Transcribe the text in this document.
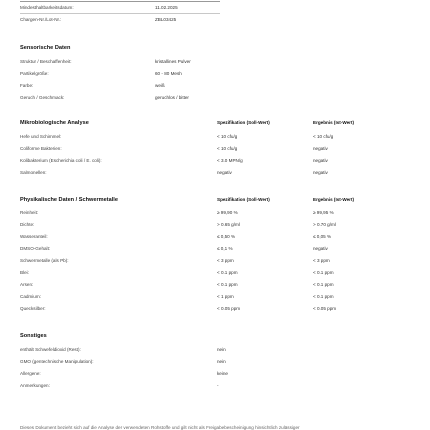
Mindesthaltbarkeitsdatum:	11.02.2025
Chargen-Nr./Lot-Nr.:	ZBL03425
Sensorische Daten
Struktur / Beschaffenheit:	kristallines Pulver
Partikelgröße:	60 - 80 Mesh
Farbe:	weiß
Geruch / Geschmack:	geruchlos / bitter
Mikrobiologische Analyse	Spezifikation (Soll-Wert)	Ergebnis (Ist-Wert)
Hefe und Schimmel:	< 10 cfu/g	< 10 cfu/g
Coliforme Bakterien:	< 10 cfu/g	negativ
Kolibakterium (Escherichia coli / E. coli):	< 3.0 MPN/g	negativ
Salmonellen:	negativ	negativ
Physikalische Daten / Schwermetalle	Spezifikation (Soll-Wert)	Ergebnis (Ist-Wert)
Reinheit:	≥ 99,90 %	≥ 99,95 %
Dichte:	> 0.65 g/ml	> 0.70 g/ml
Wasseranteil:	≤ 0,50 %	≤ 0,05 %
DMSO-Gehalt:	≤ 0,1 %	negativ
Schwermetalle (als Pb):	< 3 ppm	< 3 ppm
Blei:	< 0.1 ppm	< 0.1 ppm
Arsen:	< 0.1 ppm	< 0.1 ppm
Cadmium:	< 1 ppm	< 0.1 ppm
Quecksilber:	< 0.05 ppm	< 0.05 ppm
Sonstiges
enthält Schwefeldioxid (Rest):	nein
GMO (gentechnische Manipulation):	nein
Allergene:	keine
Anmerkungen:	-
Dieses Dokument bezieht sich auf die Analyse der verwendeten Rohstoffe und gilt nicht als Freigabebescheinigung hinsichtlich zulässiger
